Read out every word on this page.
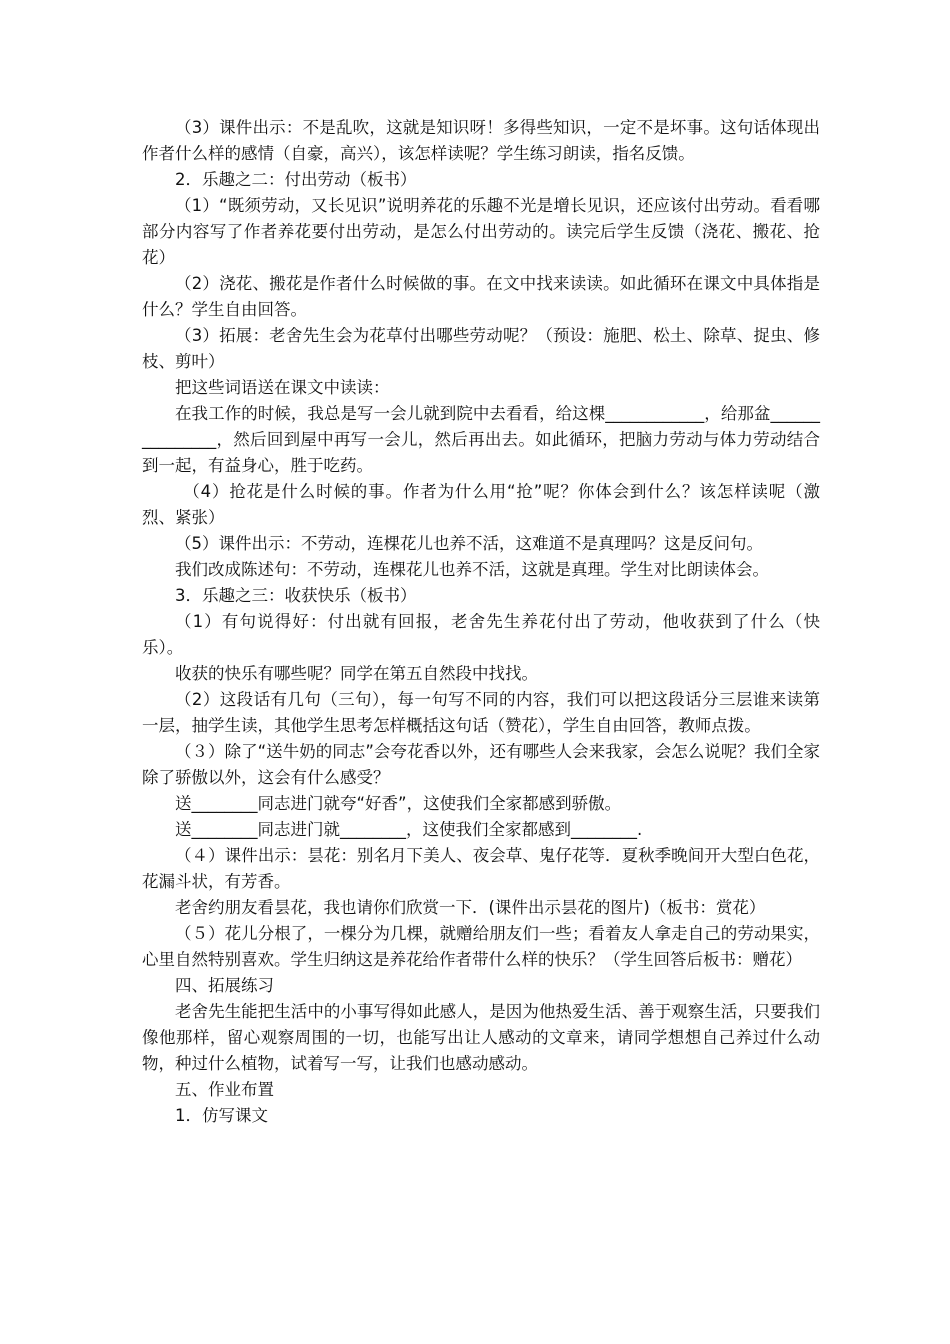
（3）课件出示：不是乱吹，这就是知识呀！多得些知识，一定不是坏事。这句话体现出作者什么样的感情（自豪，高兴），该怎样读呢？学生练习朗读，指名反馈。

2．乐趣之二：付出劳动（板书）

（1）“既须劳动，又长见识”说明养花的乐趣不光是增长见识，还应该付出劳动。看看哪部分内容写了作者养花要付出劳动，是怎么付出劳动的。读完后学生反馈（浇花、搬花、抢花）

（2）浇花、搬花是作者什么时候做的事。在文中找来读读。如此循环在课文中具体指是什么？学生自由回答。

（3）拓展：老舍先生会为花草付出哪些劳动呢？（预设：施肥、松土、除草、捉虫、修枝、剪叶）

把这些词语送在课文中读读：

在我工作的时候，我总是写一会儿就到院中去看看，给这棵____________，给那盆_______________，然后回到屋中再写一会儿，然后再出去。如此循环，把脑力劳动与体力劳动结合到一起，有益身心，胜于吃药。

（4）抢花是什么时候的事。作者为什么用“抢”呢？你体会到什么？该怎样读呢（激烈、紧张）

（5）课件出示：不劳动，连棵花儿也养不活，这难道不是真理吗？这是反问句。

我们改成陈述句：不劳动，连棵花儿也养不活，这就是真理。学生对比朗读体会。

3．乐趣之三：收获快乐（板书）

（1）有句说得好：付出就有回报，老舍先生养花付出了劳动，他收获到了什么（快乐）。

收获的快乐有哪些呢？同学在第五自然段中找找。

（2）这段话有几句（三句），每一句写不同的内容，我们可以把这段话分三层谁来读第一层，抽学生读，其他学生思考怎样概括这句话（赞花），学生自由回答，教师点拨。

（３）除了“送牛奶的同志”会夸花香以外，还有哪些人会来我家，会怎么说呢？我们全家除了骄傲以外，这会有什么感受？

送________同志进门就夸“好香”，这使我们全家都感到骄傲。

送________同志进门就________，这使我们全家都感到________.

（４）课件出示：昙花：别名月下美人、夜会草、鬼仔花等．夏秋季晚间开大型白色花，花漏斗状，有芳香。

老舍约朋友看昙花，我也请你们欣赏一下．(课件出示昙花的图片)（板书：赏花）

（５）花儿分根了，一棵分为几棵，就赠给朋友们一些；看着友人拿走自己的劳动果实，心里自然特别喜欢。学生归纳这是养花给作者带什么样的快乐？（学生回答后板书：赠花）

四、拓展练习

老舍先生能把生活中的小事写得如此感人，是因为他热爱生活、善于观察生活，只要我们像他那样，留心观察周围的一切，也能写出让人感动的文章来，请同学想想自己养过什么动物，种过什么植物，试着写一写，让我们也感动感动。

五、作业布置

1．仿写课文
